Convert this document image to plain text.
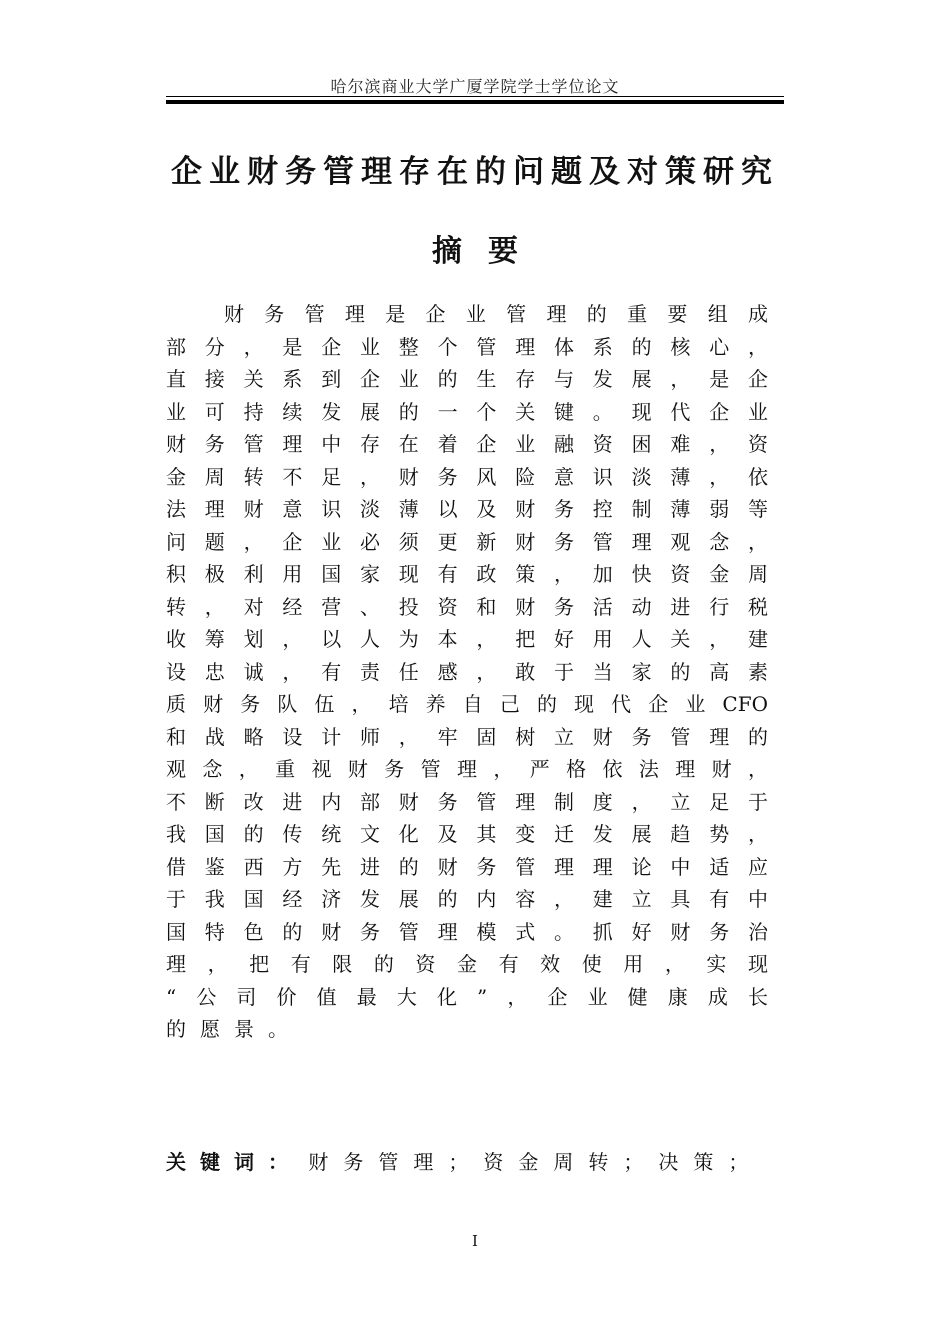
哈尔滨商业大学广厦学院学士学位论文
企业财务管理存在的问题及对策研究
摘要
财务管理是企业管理的重要组成
部分，是企业整个管理体系的核心，
直接关系到企业的生存与发展，是企
业可持续发展的一个关键。现代企业
财务管理中存在着企业融资困难，资
金周转不足，财务风险意识淡薄，依
法理财意识淡薄以及财务控制薄弱等
问题，企业必须更新财务管理观念，
积极利用国家现有政策，加快资金周
转，对经营、投资和财务活动进行税
收筹划，以人为本，把好用人关，建
设忠诚，有责任感，敢于当家的高素
质财务队伍，培养自己的现代企业CFO
和战略设计师，牢固树立财务管理的
观念，重视财务管理，严格依法理财，
不断改进内部财务管理制度，立足于
我国的传统文化及其变迁发展趋势，
借鉴西方先进的财务管理理论中适应
于我国经济发展的内容，建立具有中
国特色的财务管理模式。抓好财务治
理，把有限的资金有效使用，实现
“公司价值最大化”，企业健康成长
的愿景。
关键词： 财务管理；资金周转；决策；
I
